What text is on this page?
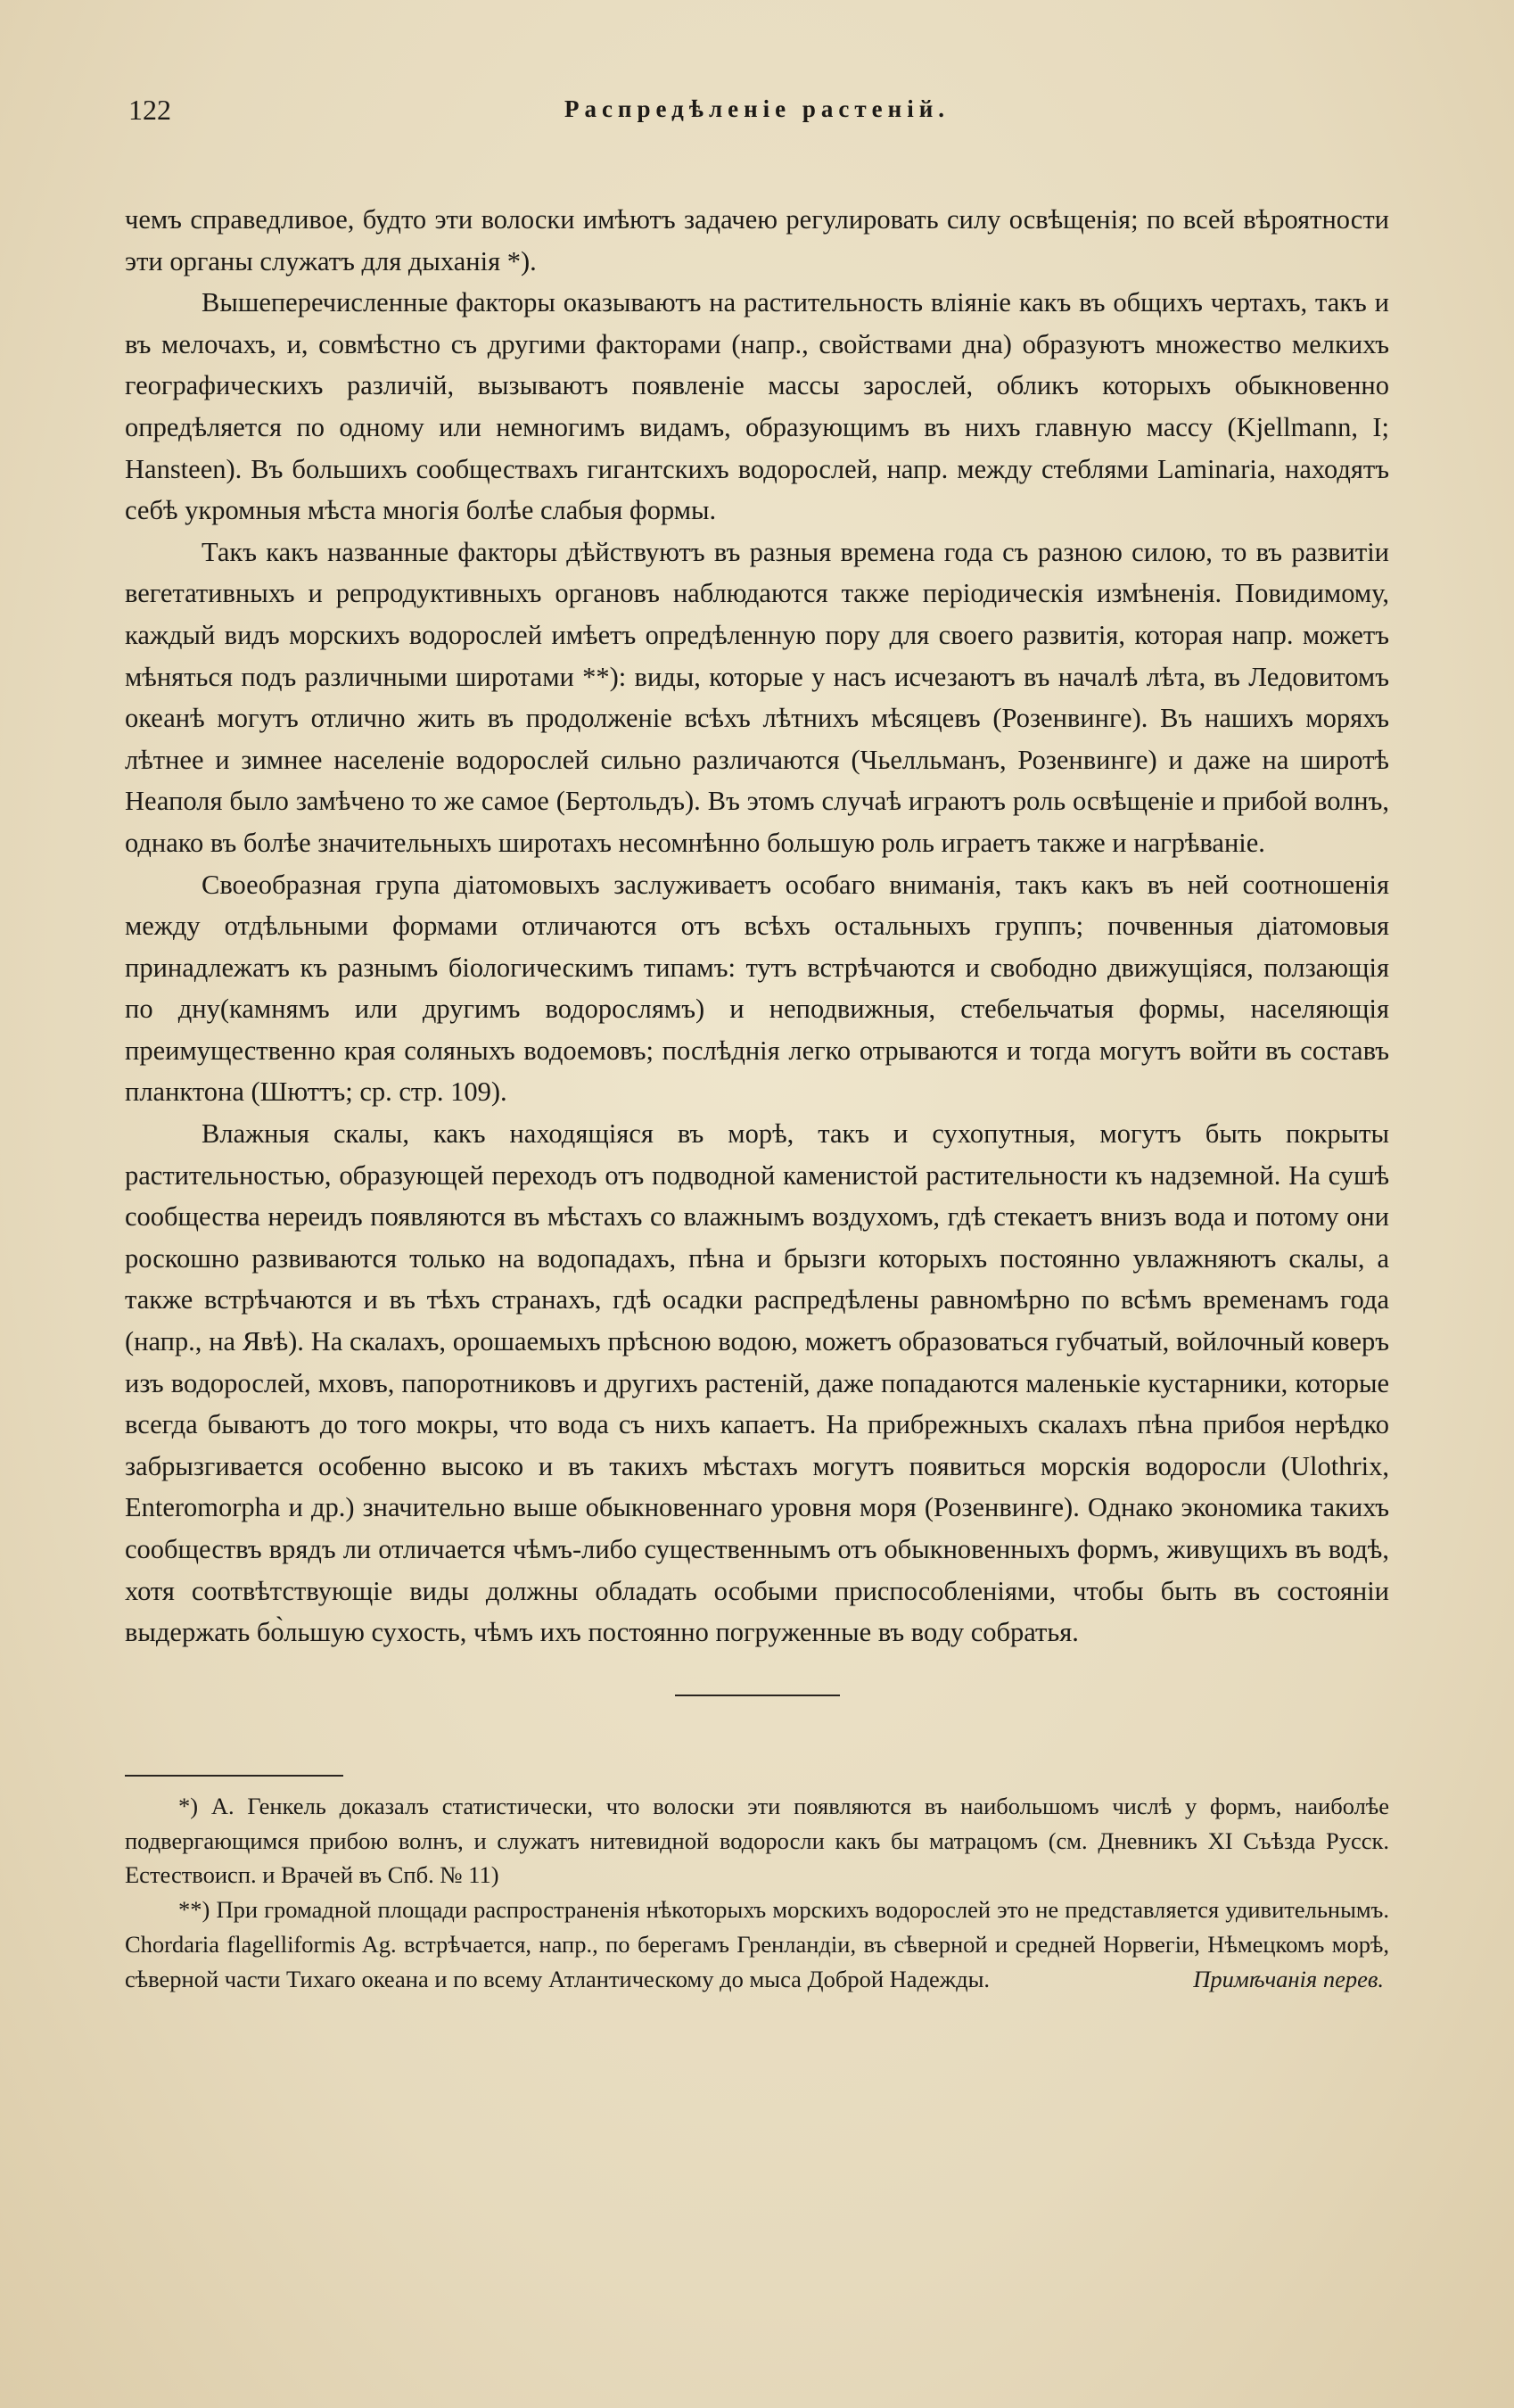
122	Распредѣленіе растеній.

чемъ справедливое, будто эти волоски имѣютъ задачею регулировать силу освѣщенія; по всей вѣроятности эти органы служатъ для дыханія *).

Вышеперечисленные факторы оказываютъ на растительность вліяніе какъ въ общихъ чертахъ, такъ и въ мелочахъ, и, совмѣстно съ другими факторами (напр., свойствами дна) образуютъ множество мелкихъ географическихъ различій, вызываютъ появленіе массы зарослей, обликъ которыхъ обыкновенно опредѣляется по одному или немногимъ видамъ, образующимъ въ нихъ главную массу (Kjellmann, I; Hansteen). Въ большихъ сообществахъ гигантскихъ водорослей, напр. между стеблями Laminaria, находятъ себѣ укромныя мѣста многія болѣе слабыя формы.

Такъ какъ названные факторы дѣйствуютъ въ разныя времена года съ разною силою, то въ развитіи вегетативныхъ и репродуктивныхъ органовъ наблюдаются также періодическія измѣненія. Повидимому, каждый видъ морскихъ водорослей имѣетъ опредѣленную пору для своего развитія, которая напр. можетъ мѣняться подъ различными широтами **): виды, которые у насъ исчезаютъ въ началѣ лѣта, въ Ледовитомъ океанѣ могутъ отлично жить въ продолженіе всѣхъ лѣтнихъ мѣсяцевъ (Розенвинге). Въ нашихъ моряхъ лѣтнее и зимнее населеніе водорослей сильно различаются (Чьелльманъ, Розенвинге) и даже на широтѣ Неаполя было замѣчено то же самое (Бертольдъ). Въ этомъ случаѣ играютъ роль освѣщеніе и прибой волнъ, однако въ болѣе значительныхъ широтахъ несомнѣнно большую роль играетъ также и нагрѣваніе.

Своеобразная група діатомовыхъ заслуживаетъ особаго вниманія, такъ какъ въ ней соотношенія между отдѣльными формами отличаются отъ всѣхъ остальныхъ группъ; почвенныя діатомовыя принадлежатъ къ разнымъ біологическимъ типамъ: тутъ встрѣчаются и свободно движущіяся, ползающія по дну(камнямъ или другимъ водорослямъ) и неподвижныя, стебельчатыя формы, населяющія преимущественно края соляныхъ водоемовъ; послѣднія легко отрываются и тогда могутъ войти въ составъ планктона (Шюттъ; ср. стр. 109).

Влажныя скалы, какъ находящіяся въ морѣ, такъ и сухопутныя, могутъ быть покрыты растительностью, образующей переходъ отъ подводной каменистой растительности къ надземной. На сушѣ сообщества нереидъ появляются въ мѣстахъ со влажнымъ воздухомъ, гдѣ стекаетъ внизъ вода и потому они роскошно развиваются только на водопадахъ, пѣна и брызги которыхъ постоянно увлажняютъ скалы, а также встрѣчаются и въ тѣхъ странахъ, гдѣ осадки распредѣлены равномѣрно по всѣмъ временамъ года (напр., на Явѣ). На скалахъ, орошаемыхъ прѣсною водою, можетъ образоваться губчатый, войлочный коверъ изъ водорослей, мховъ, папоротниковъ и другихъ растеній, даже попадаются маленькіе кустарники, которые всегда бываютъ до того мокры, что вода съ нихъ капаетъ. На прибрежныхъ скалахъ пѣна прибоя нерѣдко забрызгивается особенно высоко и въ такихъ мѣстахъ могутъ появиться морскія водоросли (Ulothrix, Enteromorpha и др.) значительно выше обыкновеннаго уровня моря (Розенвинге). Однако экономика такихъ сообществъ врядъ ли отличается чѣмъ-либо существеннымъ отъ обыкновенныхъ формъ, живущихъ въ водѣ, хотя соотвѣтствующіе виды должны обладать особыми приспособленіями, чтобы быть въ состояніи выдержать бо̀льшую сухость, чѣмъ ихъ постоянно погруженные въ воду собратья.

*) А. Генкель доказалъ статистически, что волоски эти появляются въ наибольшомъ числѣ у формъ, наиболѣе подвергающимся прибою волнъ, и служатъ нитевидной водоросли какъ бы матрацомъ (см. Дневникъ XI Съѣзда Русск. Естествоисп. и Врачей въ Спб. № 11)

**) При громадной площади распространенія нѣкоторыхъ морскихъ водорослей это не представляется удивительнымъ. Chordaria flagelliformis Ag. встрѣчается, напр., по берегамъ Гренландіи, въ сѣверной и средней Норвегіи, Нѣмецкомъ морѣ, сѣверной части Тихаго океана и по всему Атлантическому до мыса Доброй Надежды.	Примѣчанія перев.
